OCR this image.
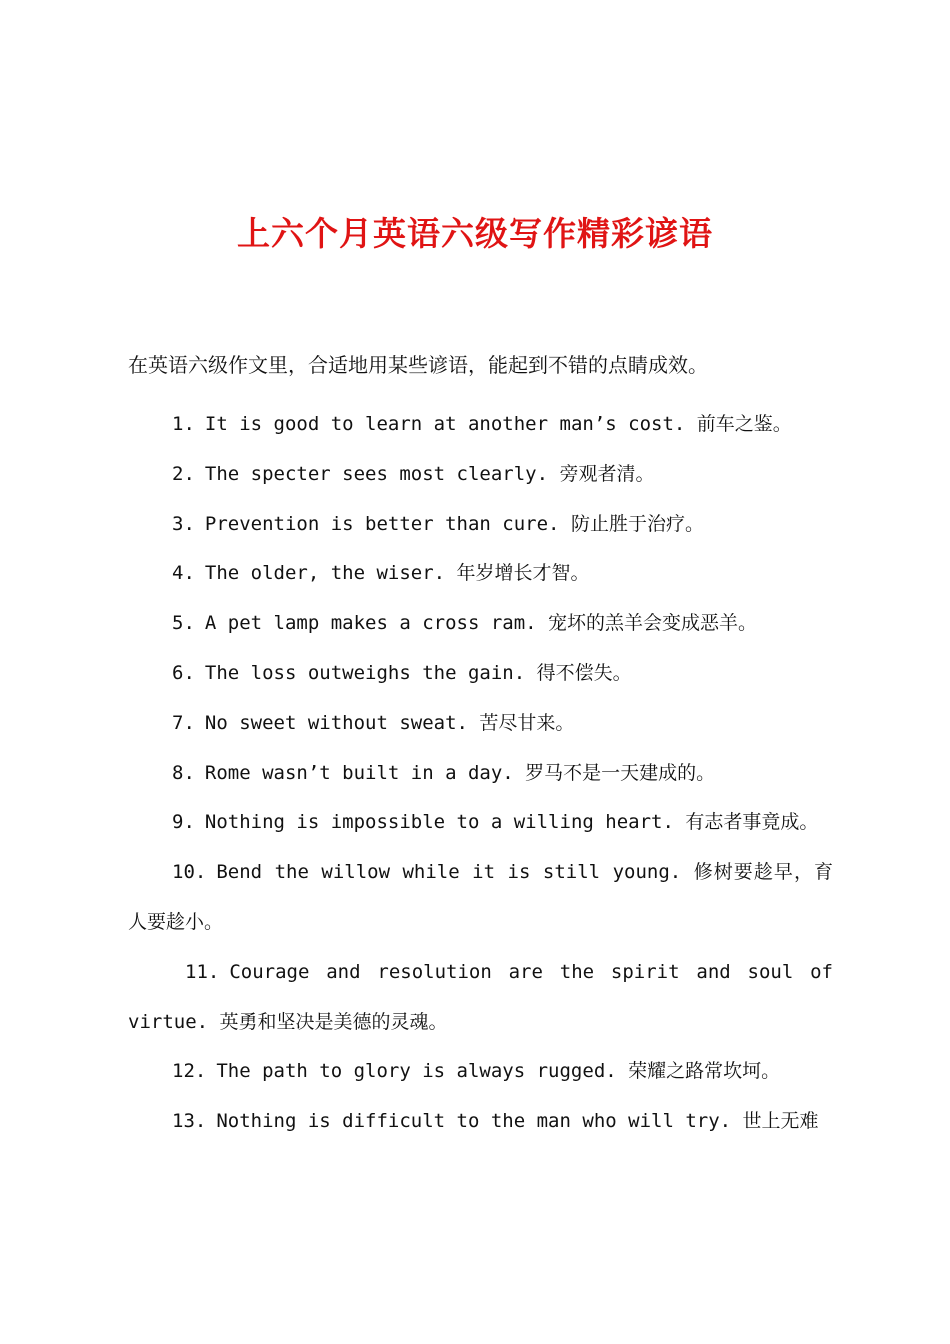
上六个月英语六级写作精彩谚语
在英语六级作文里，合适地用某些谚语，能起到不错的点睛成效。

1. It is good to learn at another man’s cost. 前车之鉴。

2. The specter sees most clearly. 旁观者清。

3. Prevention is better than cure. 防止胜于治疗。

4. The older, the wiser. 年岁增长才智。

5. A pet lamp makes a cross ram. 宠坏的羔羊会变成恶羊。

6. The loss outweighs the gain. 得不偿失。

7. No sweet without sweat. 苦尽甘来。

8. Rome wasn’t built in a day. 罗马不是一天建成的。

9. Nothing is impossible to a willing heart. 有志者事竟成。

10. Bend the willow while it is still young. 修树要趁早，育人要趁小。

11. Courage and resolution are the spirit and soul of virtue. 英勇和坚决是美德的灵魂。

12. The path to glory is always rugged. 荣耀之路常坎坷。

13. Nothing is difficult to the man who will try. 世上无难
